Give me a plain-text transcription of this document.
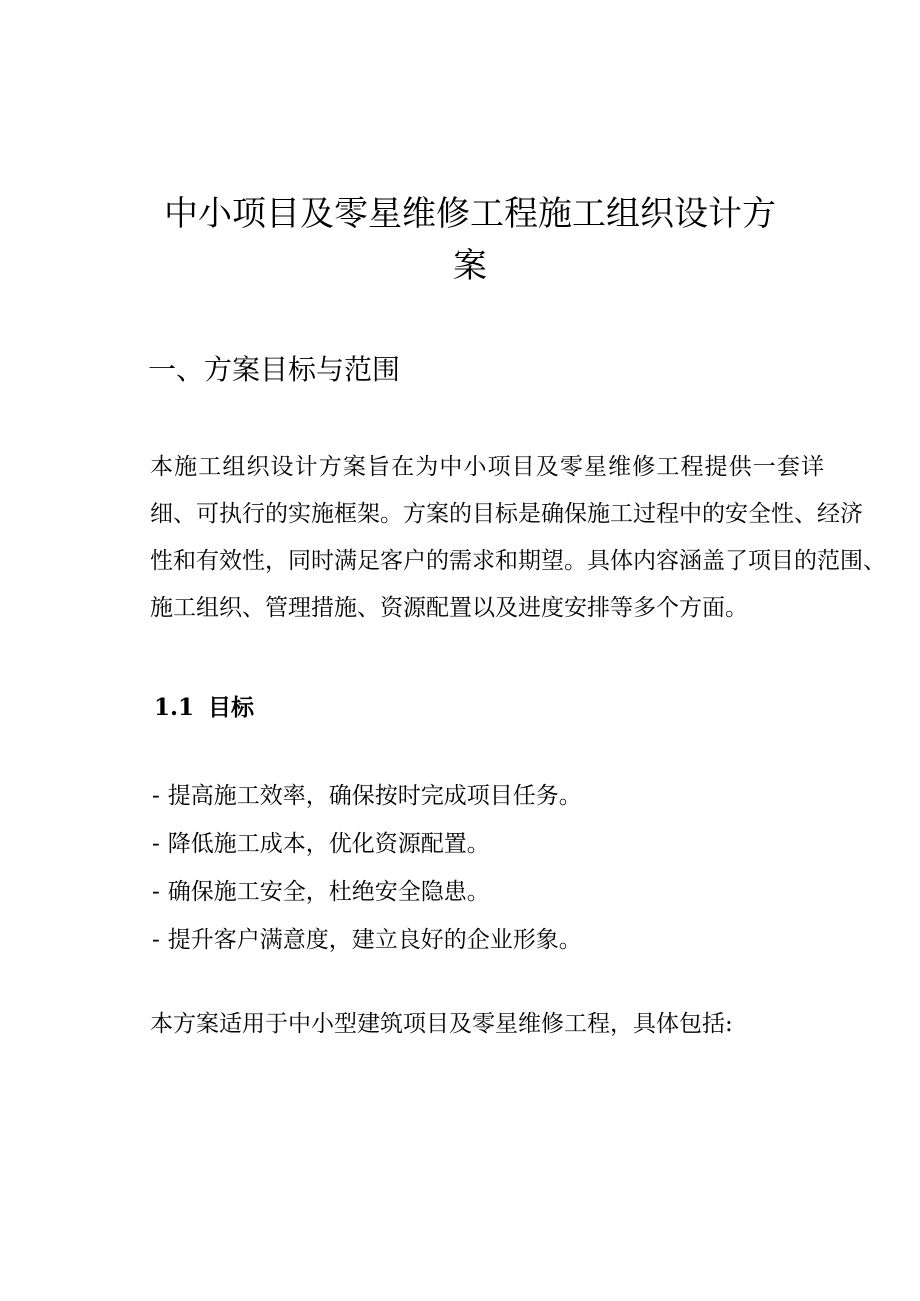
中小项目及零星维修工程施工组织设计方
案
一、方案目标与范围
本施工组织设计方案旨在为中小项目及零星维修工程提供一套详
细、可执行的实施框架。方案的目标是确保施工过程中的安全性、经济
性和有效性，同时满足客户的需求和期望。具体内容涵盖了项目的范围、
施工组织、管理措施、资源配置以及进度安排等多个方面。
1.1 目标
- 提高施工效率，确保按时完成项目任务。
- 降低施工成本，优化资源配置。
- 确保施工安全，杜绝安全隐患。
- 提升客户满意度，建立良好的企业形象。

本方案适用于中小型建筑项目及零星维修工程，具体包括:
